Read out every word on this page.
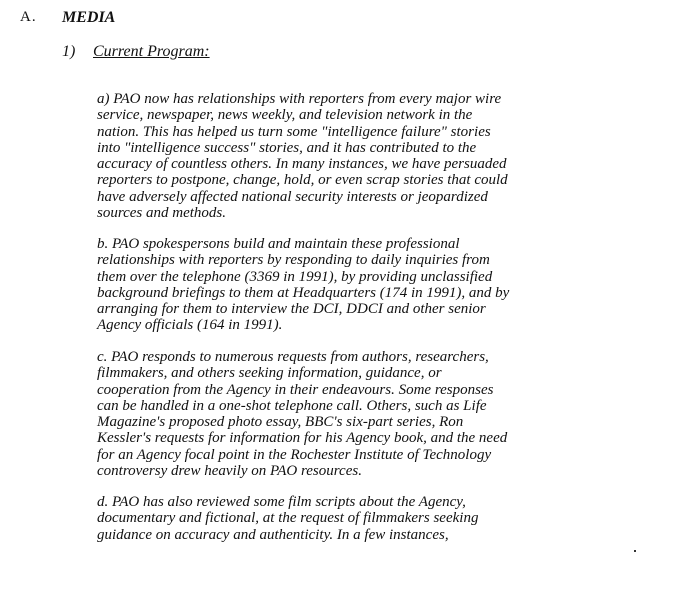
A. MEDIA
1) Current Program:
a) PAO now has relationships with reporters from every major wire
service, newspaper, news weekly, and television network in the
nation. This has helped us turn some "intelligence failure" stories
into "intelligence success" stories, and it has contributed to the
accuracy of countless others. In many instances, we have persuaded
reporters to postpone, change, hold, or even scrap stories that could
have adversely affected national security interests or jeopardized
sources and methods.
b. PAO spokespersons build and maintain these professional
relationships with reporters by responding to daily inquiries from
them over the telephone (3369 in 1991), by providing unclassified
background briefings to them at Headquarters (174 in 1991), and by
arranging for them to interview the DCI, DDCI and other senior
Agency officials (164 in 1991).
c. PAO responds to numerous requests from authors, researchers,
filmmakers, and others seeking information, guidance, or
cooperation from the Agency in their endeavours. Some responses
can be handled in a one-shot telephone call. Others, such as Life
Magazine's proposed photo essay, BBC's six-part series, Ron
Kessler's requests for information for his Agency book, and the need
for an Agency focal point in the Rochester Institute of Technology
controversy drew heavily on PAO resources.
d. PAO has also reviewed some film scripts about the Agency,
documentary and fictional, at the request of filmmakers seeking
guidance on accuracy and authenticity. In a few instances,
